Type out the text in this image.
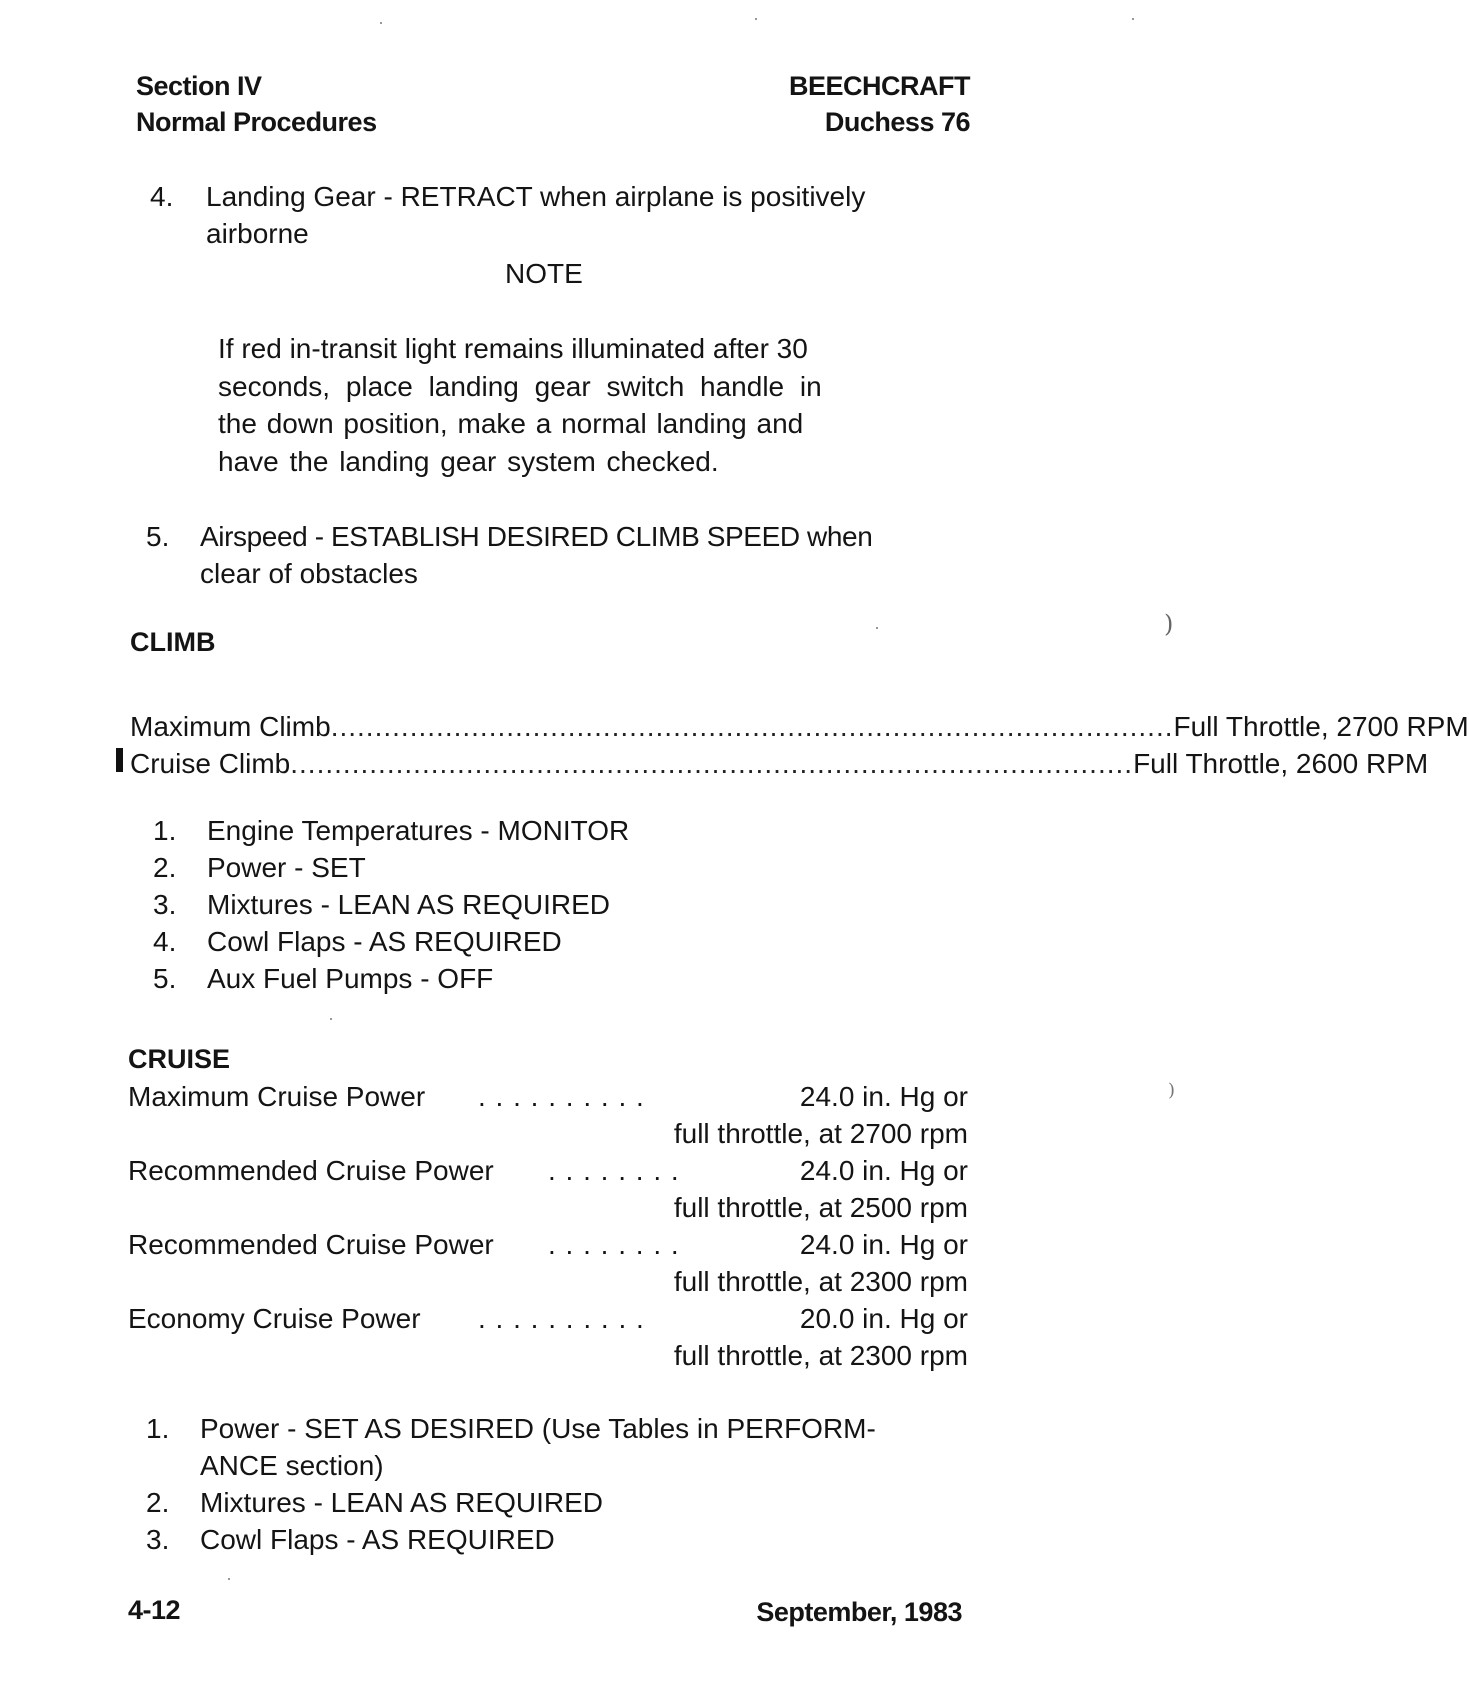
Section IV
Normal Procedures
BEECHCRAFT
Duchess 76
4. Landing Gear - RETRACT when airplane is positively
airborne
NOTE
If red in-transit light remains illuminated after 30
seconds, place landing gear switch handle in
the down position, make a normal landing and
have the landing gear system checked.
5. Airspeed - ESTABLISH DESIRED CLIMB SPEED when
clear of obstacles
CLIMB
Maximum Climb ................................................................................................ Full Throttle, 2700 RPM
Cruise Climb ................................................................................................ Full Throttle, 2600 RPM
1. Engine Temperatures - MONITOR
2. Power - SET
3. Mixtures - LEAN AS REQUIRED
4. Cowl Flaps - AS REQUIRED
5. Aux Fuel Pumps - OFF
CRUISE
Maximum Cruise Power	. . . . . . . . . .	24.0 in. Hg or
full throttle, at 2700 rpm
Recommended Cruise Power	. . . . . . . .	24.0 in. Hg or
full throttle, at 2500 rpm
Recommended Cruise Power	. . . . . . . .	24.0 in. Hg or
full throttle, at 2300 rpm
Economy Cruise Power	. . . . . . . . . .	20.0 in. Hg or
full throttle, at 2300 rpm
1. Power - SET AS DESIRED (Use Tables in PERFORM-
ANCE section)
2. Mixtures - LEAN AS REQUIRED
3. Cowl Flaps - AS REQUIRED
4-12	September, 1983
)
)
